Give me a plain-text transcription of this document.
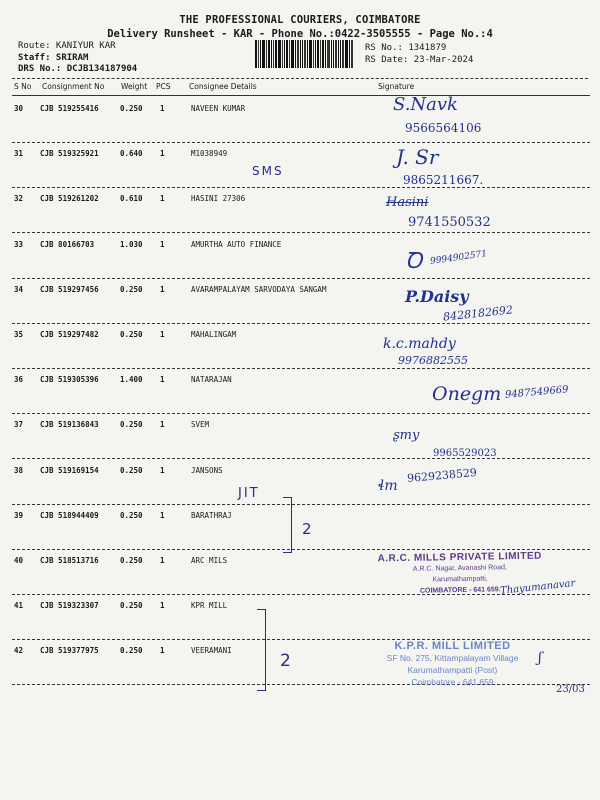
THE PROFESSIONAL COURIERS, COIMBATORE
Delivery Runsheet - KAR - Phone No.:0422-3505555 - Page No.:4
Route: KANIYUR KAR
Staff: SRIRAM
DRS No.: DCJB134187904
RS No.: 1341879
RS Date: 23-Mar-2024
S No Consignment No Weight PCS Consignee Details	Signature
30 CJB 519255416	0.250 1	NAVEEN KUMAR
31 CJB 519325921	0.640 1	M1038949
32 CJB 519261202	0.610 1	HASINI 27306
33 CJB 80166703	1.030 1	AMURTHA AUTO FINANCE
34 CJB 519297456	0.250 1	AVARAMPALAYAM SARVODAYA SANGAM
35 CJB 519297482	0.250 1	MAHALINGAM
36 CJB 519305396	1.400 1	NATARAJAN
37 CJB 519136843	0.250 1	SVEM
38 CJB 519169154	0.250 1	JANSONS
39 CJB 518944409	0.250 1	BARATHRAJ
40 CJB 518513716	0.250 1	ARC MILS
41 CJB 519323307	0.250 1	KPR MILL
42 CJB 519377975	0.250 1	VEERAMANI
S.Navk
9566564106
J. Sr
9865211667.
SMS
Hasini
9741550532
Ꝺ 9994902571
P.Daisy
8428182692
k.c.mahdy
9976882555
Onegm 9487549669
ʂmy
9965529023
ɬm
9629238529
JIT
2
2
A.R.C. MILLS PRIVATE LIMITED
A.R.C. Nagar, Avanashi Road,
Karumathampatti,
COIMBATORE - 641 659.
Thayumanavar
K.P.R. MILL LIMITED
SF No. 275, Kittampalayam Village
Karumathampatti (Post)
Coimbatore - 641 659
ʃ
23/03
